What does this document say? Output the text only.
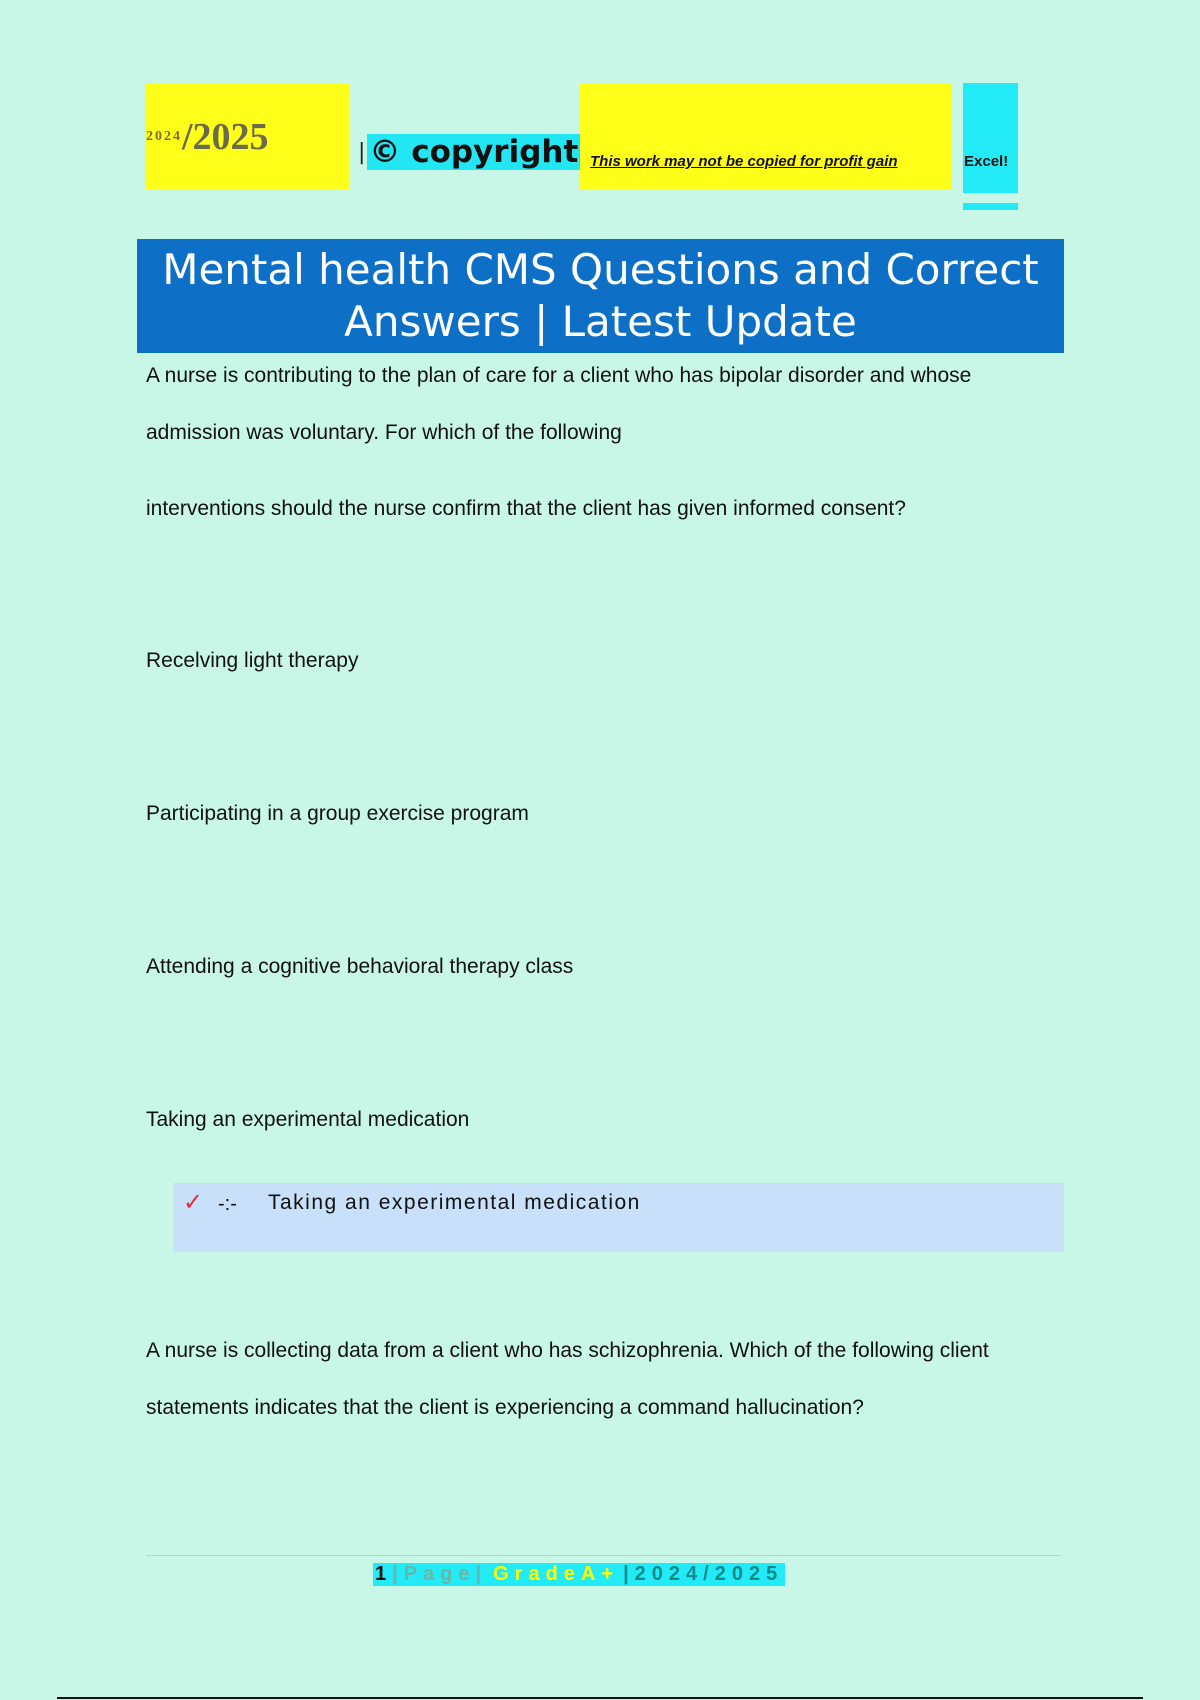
2024 /2025	| © copyright This work may not be copied for profit gain	Excel!
Mental health CMS Questions and Correct Answers | Latest Update
A nurse is contributing to the plan of care for a client who has bipolar disorder and whose
admission was voluntary. For which of the following
interventions should the nurse confirm that the client has given informed consent?
Recelving light therapy
Participating in a group exercise program
Attending a cognitive behavioral therapy class
Taking an experimental medication
✓ -:- Taking an experimental medication
A nurse is collecting data from a client who has schizophrenia. Which of the following client
statements indicates that the client is experiencing a command hallucination?
1|Page| GradeA+ |2024/2025
